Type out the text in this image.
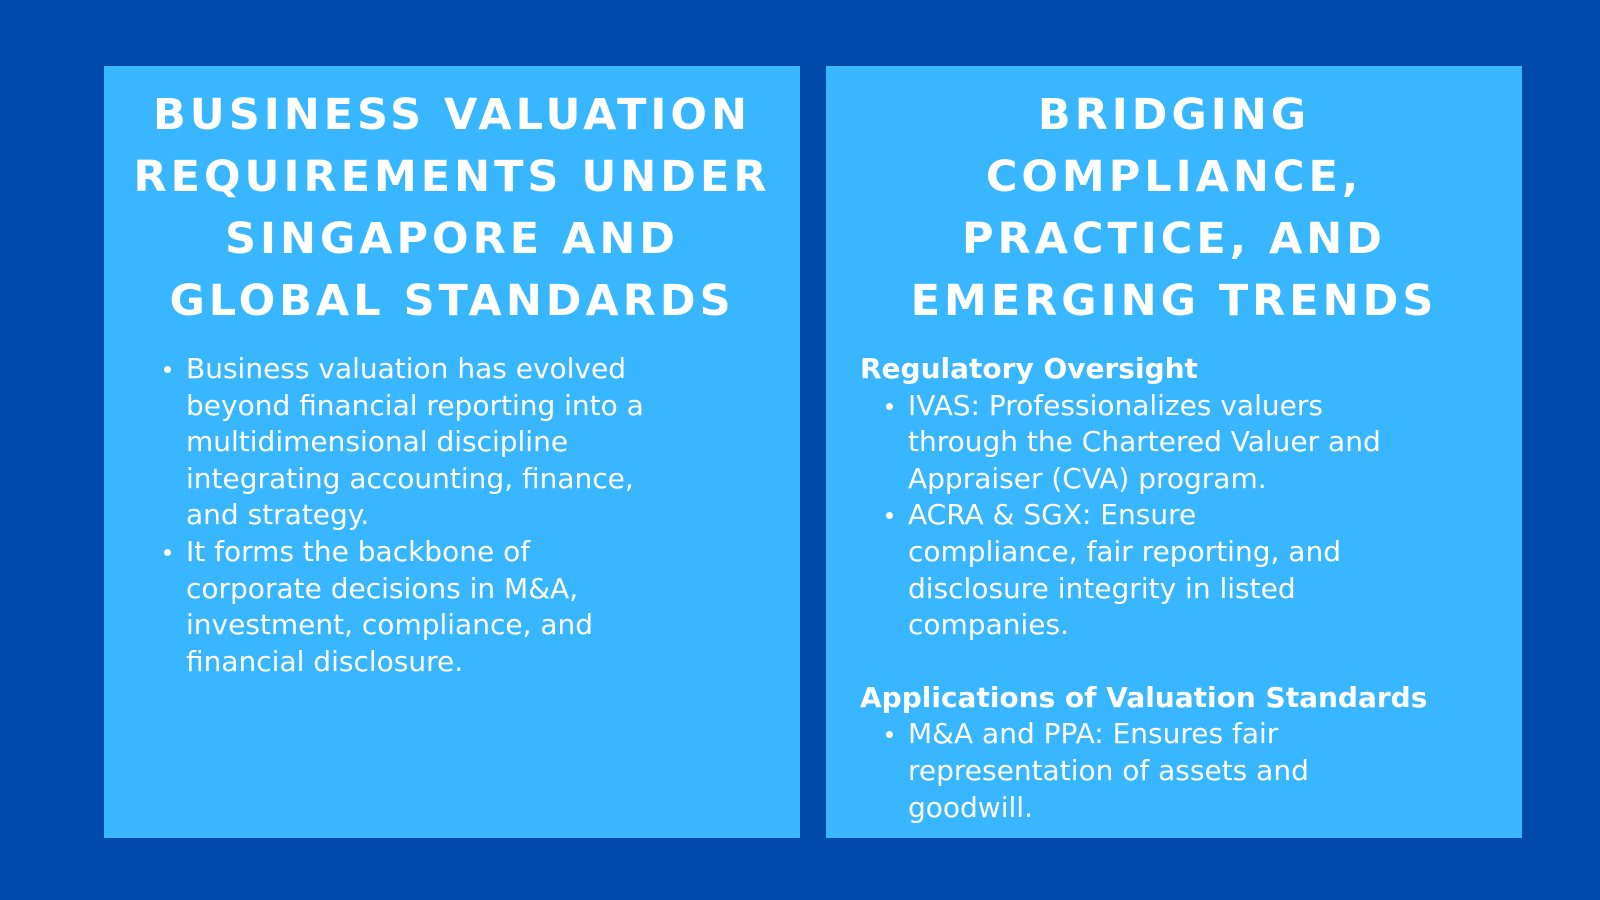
BUSINESS VALUATION
REQUIREMENTS UNDER
SINGAPORE AND
GLOBAL STANDARDS
Business valuation has evolved
beyond financial reporting into a
multidimensional discipline
integrating accounting, finance,
and strategy.
It forms the backbone of
corporate decisions in M&A,
investment, compliance, and
financial disclosure.
BRIDGING
COMPLIANCE,
PRACTICE, AND
EMERGING TRENDS
Regulatory Oversight
IVAS: Professionalizes valuers
through the Chartered Valuer and
Appraiser (CVA) program.
ACRA & SGX: Ensure
compliance, fair reporting, and
disclosure integrity in listed
companies.
Applications of Valuation Standards
M&A and PPA: Ensures fair
representation of assets and
goodwill.
